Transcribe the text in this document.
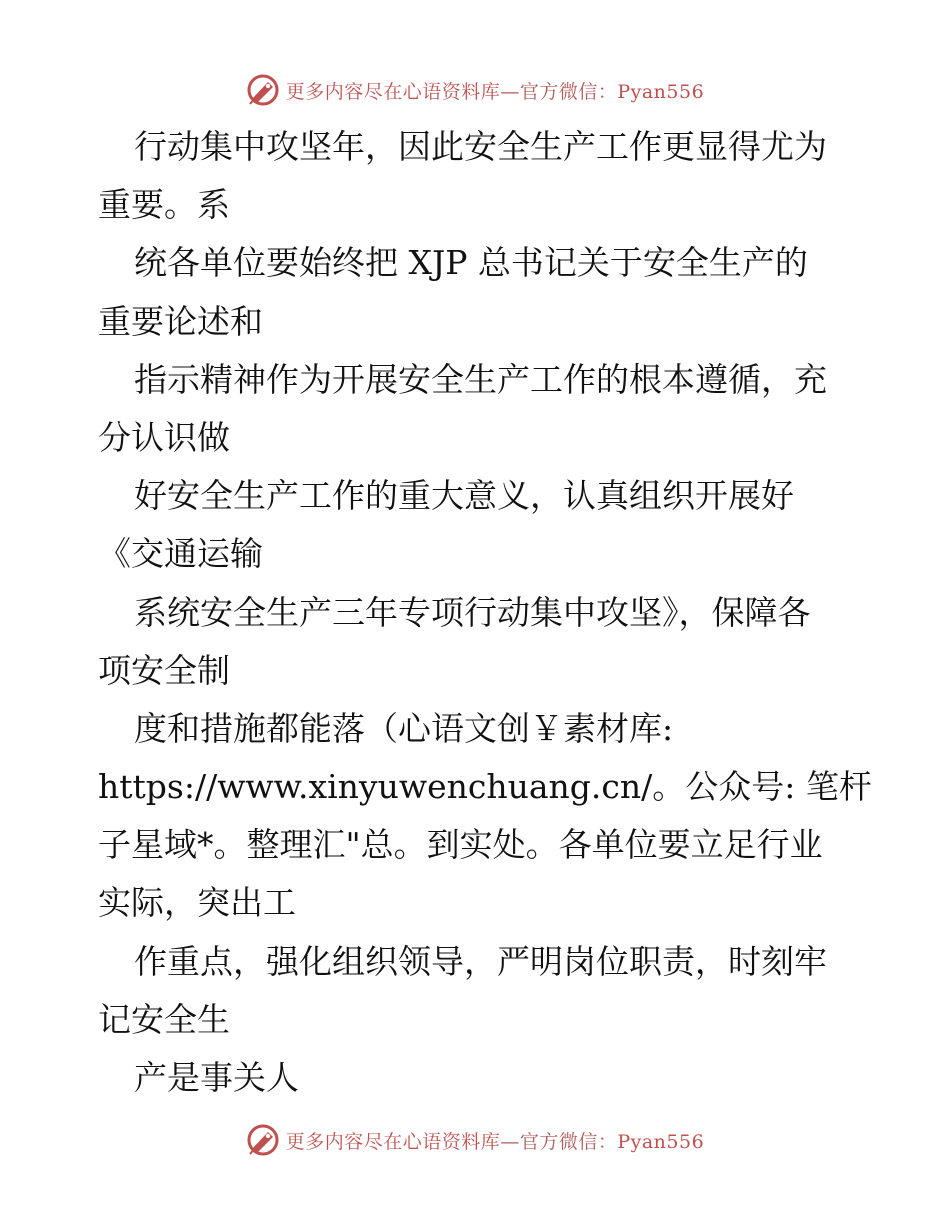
更多内容尽在心语资料库—官方微信：Pyan556
行动集中攻坚年，因此安全生产工作更显得尤为
重要。系
统各单位要始终把 XJP 总书记关于安全生产的
重要论述和
指示精神作为开展安全生产工作的根本遵循，充
分认识做
好安全生产工作的重大意义，认真组织开展好
《交通运输
系统安全生产三年专项行动集中攻坚》，保障各
项安全制
度和措施都能落（心语文创￥素材库:
https://www.xinyuwenchuang.cn/。公众号: 笔杆
子星域*。整理汇"总。到实处。各单位要立足行业
实际，突出工
作重点，强化组织领导，严明岗位职责，时刻牢
记安全生
产是事关人
更多内容尽在心语资料库—官方微信：Pyan556
